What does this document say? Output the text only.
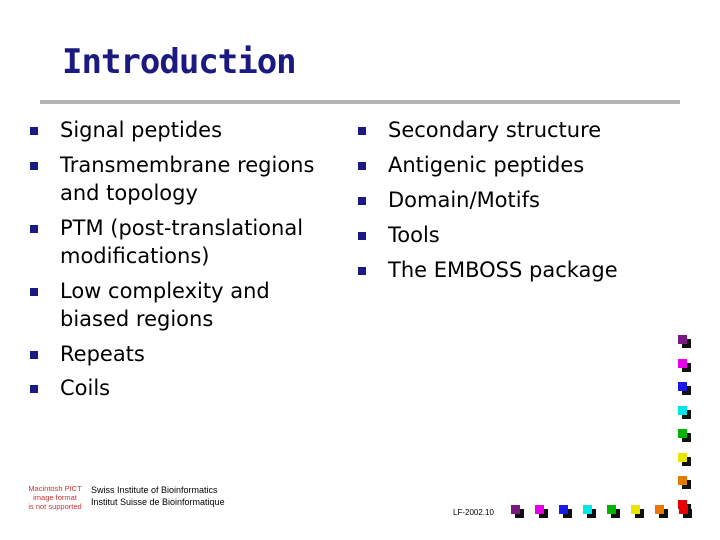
Introduction
Signal peptides
Transmembrane regions and topology
PTM (post-translational modifications)
Low complexity and biased regions
Repeats
Coils
Secondary structure
Antigenic peptides
Domain/Motifs
Tools
The EMBOSS package
Macintosh PICT
image format
is not supported
Swiss Institute of Bioinformatics
Institut Suisse de Bioinformatique
LF-2002.10
